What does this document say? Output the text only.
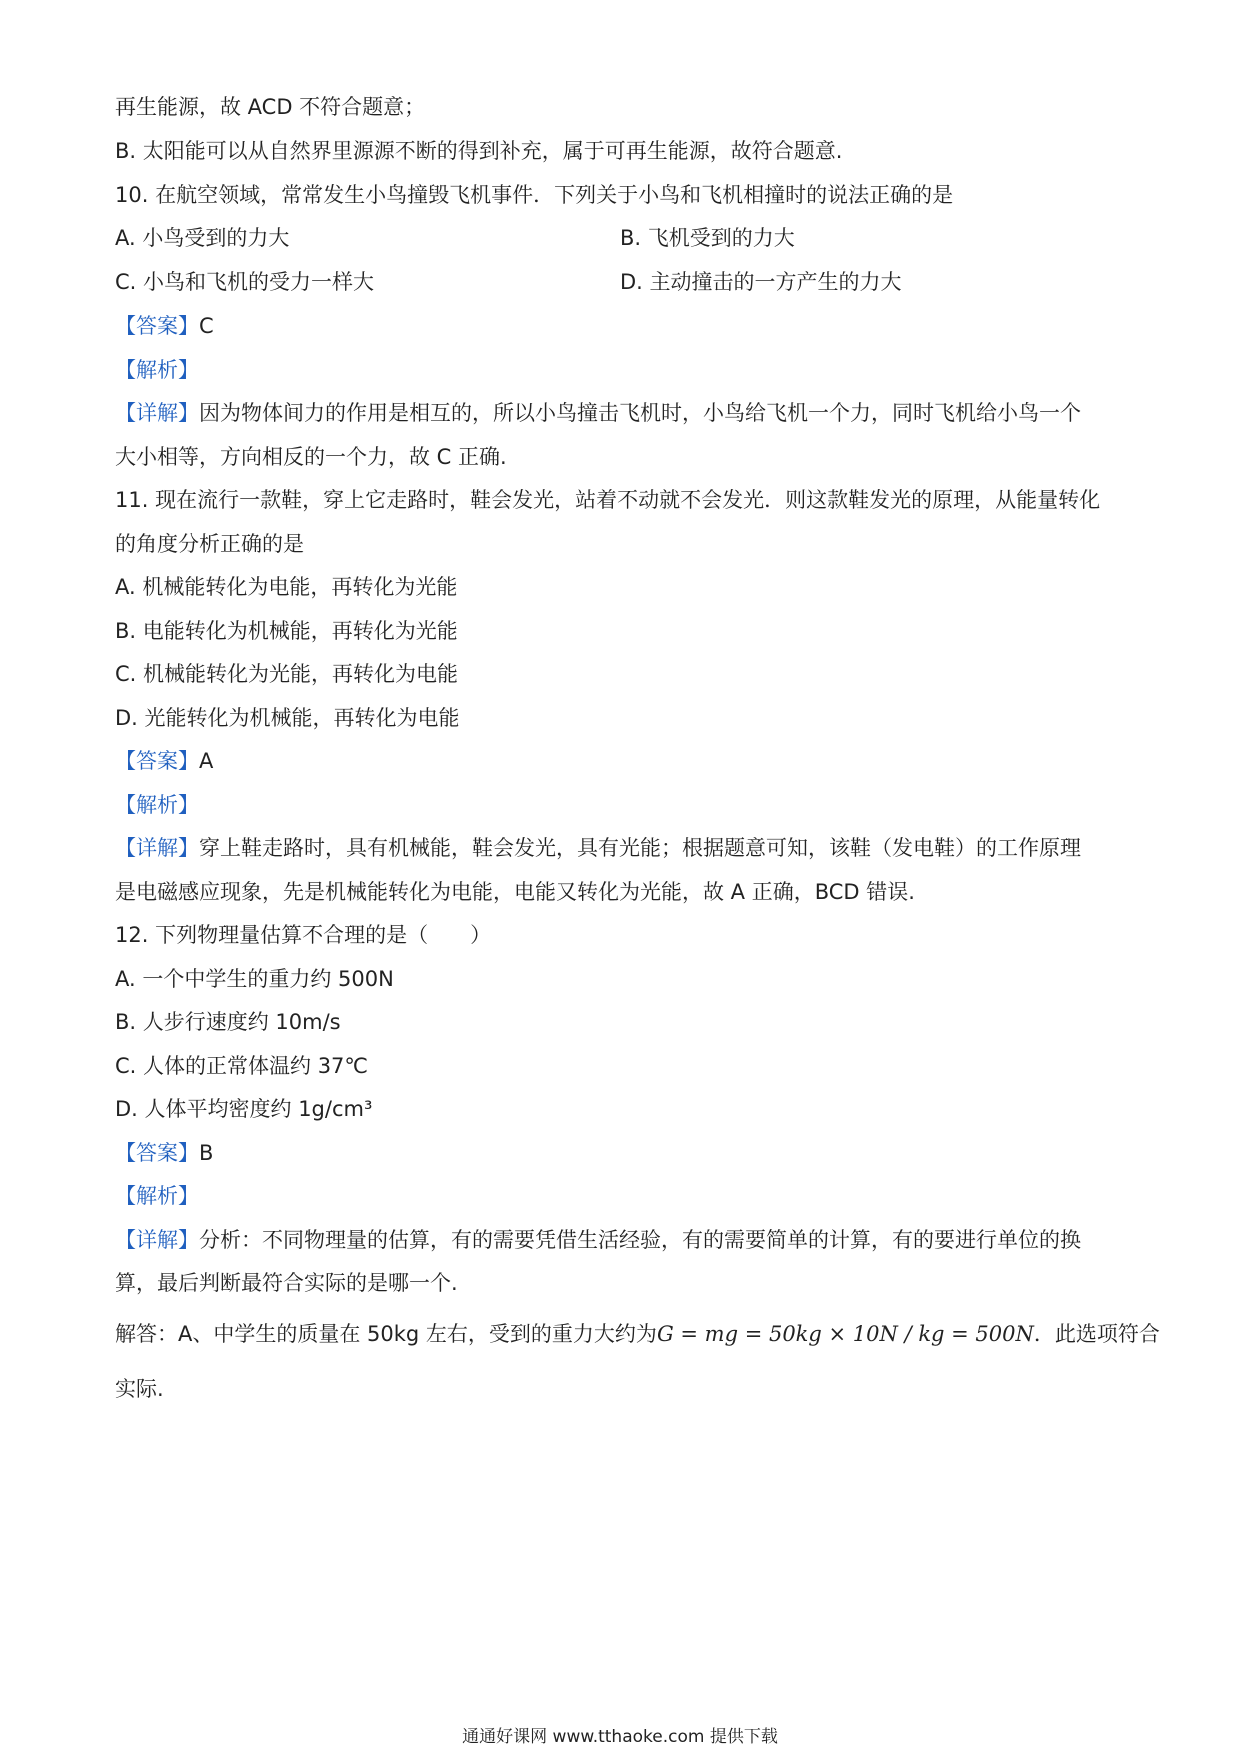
再生能源，故 ACD 不符合题意；
B. 太阳能可以从自然界里源源不断的得到补充，属于可再生能源，故符合题意.
10. 在航空领域，常常发生小鸟撞毁飞机事件．下列关于小鸟和飞机相撞时的说法正确的是
A. 小鸟受到的力大	B. 飞机受到的力大
C. 小鸟和飞机的受力一样大	D. 主动撞击的一方产生的力大
【答案】C
【解析】
【详解】因为物体间力的作用是相互的，所以小鸟撞击飞机时，小鸟给飞机一个力，同时飞机给小鸟一个
大小相等，方向相反的一个力，故 C 正确.
11. 现在流行一款鞋，穿上它走路时，鞋会发光，站着不动就不会发光．则这款鞋发光的原理，从能量转化
的角度分析正确的是
A. 机械能转化为电能，再转化为光能
B. 电能转化为机械能，再转化为光能
C. 机械能转化为光能，再转化为电能
D. 光能转化为机械能，再转化为电能
【答案】A
【解析】
【详解】穿上鞋走路时，具有机械能，鞋会发光，具有光能；根据题意可知，该鞋（发电鞋）的工作原理
是电磁感应现象，先是机械能转化为电能，电能又转化为光能，故 A 正确，BCD 错误.
12. 下列物理量估算不合理的是（　　）
A. 一个中学生的重力约 500N
B. 人步行速度约 10m/s
C. 人体的正常体温约 37℃
D. 人体平均密度约 1g/cm³
【答案】B
【解析】
【详解】分析：不同物理量的估算，有的需要凭借生活经验，有的需要简单的计算，有的要进行单位的换
算，最后判断最符合实际的是哪一个.
解答：A、中学生的质量在 50kg 左右，受到的重力大约为G = mg = 50kg × 10N / kg = 500N．此选项符合
实际.
通通好课网 www.tthaoke.com 提供下载
